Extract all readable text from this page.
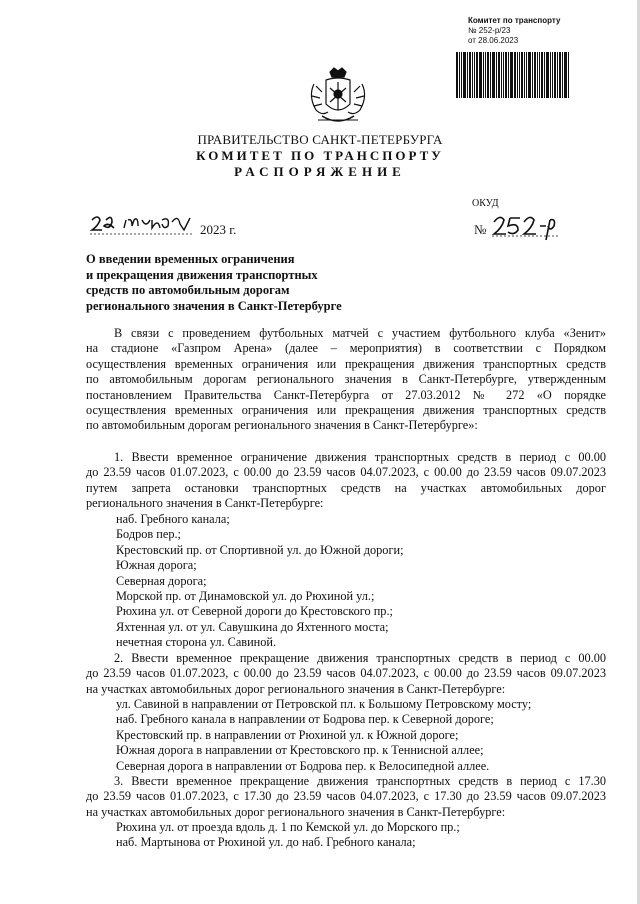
Комитет по транспорту
№ 252-р/23
от 28.06.2023
ПРАВИТЕЛЬСТВО САНКТ-ПЕТЕРБУРГА
КОМИТЕТ ПО ТРАНСПОРТУ
РАСПОРЯЖЕНИЕ
ОКУД
2023 г.	№
О введении временных ограничения
и прекращения движения транспортных
средств по автомобильным дорогам
регионального значения в Санкт-Петербурге
В связи с проведением футбольных матчей с участием футбольного клуба «Зенит»
на стадионе «Газпром Арена» (далее – мероприятия) в соответствии с Порядком
осуществления временных ограничения или прекращения движения транспортных средств
по автомобильным дорогам регионального значения в Санкт-Петербурге, утвержденным
постановлением Правительства Санкт-Петербурга от 27.03.2012 № 272 «О порядке
осуществления временных ограничения или прекращения движения транспортных средств
по автомобильным дорогам регионального значения в Санкт-Петербурге»:
1. Ввести временное ограничение движения транспортных средств в период с 00.00
до 23.59 часов 01.07.2023, с 00.00 до 23.59 часов 04.07.2023, с 00.00 до 23.59 часов 09.07.2023
путем запрета остановки транспортных средств на участках автомобильных дорог
регионального значения в Санкт-Петербурге:
наб. Гребного канала;
Бодров пер.;
Крестовский пр. от Спортивной ул. до Южной дороги;
Южная дорога;
Северная дорога;
Морской пр. от Динамовской ул. до Рюхиной ул.;
Рюхина ул. от Северной дороги до Крестовского пр.;
Яхтенная ул. от ул. Савушкина до Яхтенного моста;
нечетная сторона ул. Савиной.
2. Ввести временное прекращение движения транспортных средств в период с 00.00
до 23.59 часов 01.07.2023, с 00.00 до 23.59 часов 04.07.2023, с 00.00 до 23.59 часов 09.07.2023
на участках автомобильных дорог регионального значения в Санкт-Петербурге:
ул. Савиной в направлении от Петровской пл. к Большому Петровскому мосту;
наб. Гребного канала в направлении от Бодрова пер. к Северной дороге;
Крестовский пр. в направлении от Рюхиной ул. к Южной дороге;
Южная дорога в направлении от Крестовского пр. к Теннисной аллее;
Северная дорога в направлении от Бодрова пер. к Велосипедной аллее.
3. Ввести временное прекращение движения транспортных средств в период с 17.30
до 23.59 часов 01.07.2023, с 17.30 до 23.59 часов 04.07.2023, с 17.30 до 23.59 часов 09.07.2023
на участках автомобильных дорог регионального значения в Санкт-Петербурге:
Рюхина ул. от проезда вдоль д. 1 по Кемской ул. до Морского пр.;
наб. Мартынова от Рюхиной ул. до наб. Гребного канала;
